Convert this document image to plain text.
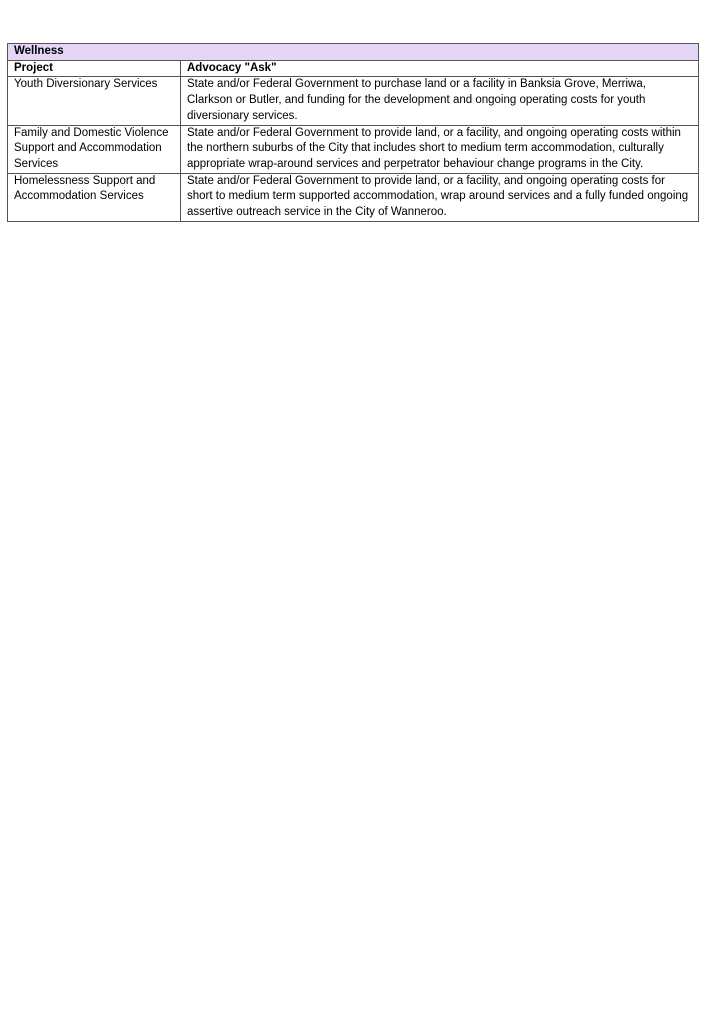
Wellness	
Project	Advocacy "Ask"
Youth Diversionary Services	State and/or Federal Government to purchase land or a facility in Banksia Grove, Merriwa, Clarkson or Butler, and funding for the development and ongoing operating costs for youth diversionary services.
Family and Domestic Violence Support and Accommodation Services	State and/or Federal Government to provide land, or a facility, and ongoing operating costs within the northern suburbs of the City that includes short to medium term accommodation, culturally appropriate wrap-around services and perpetrator behaviour change programs in the City.
Homelessness Support and Accommodation Services	State and/or Federal Government to provide land, or a facility, and ongoing operating costs for short to medium term supported accommodation, wrap around services and a fully funded ongoing assertive outreach service in the City of Wanneroo.
